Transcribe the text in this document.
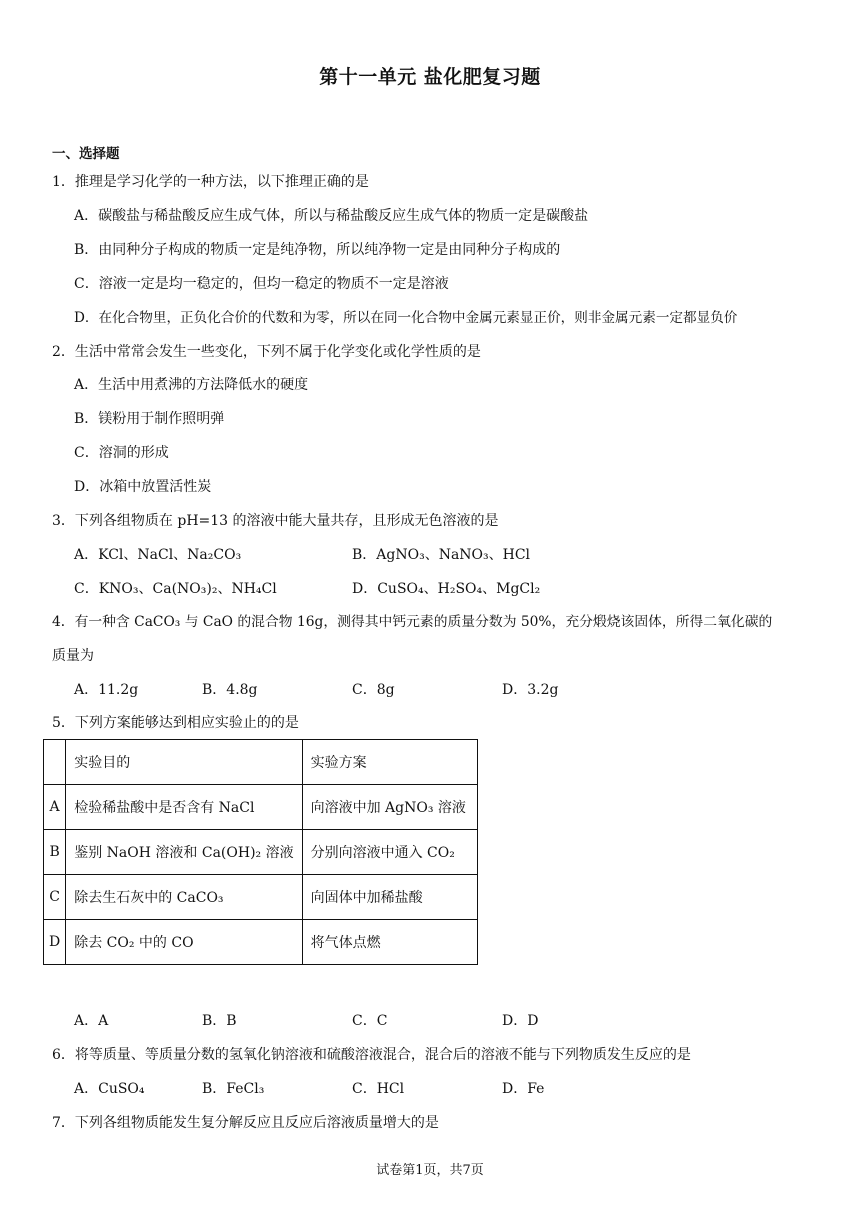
第十一单元 盐化肥复习题
一、选择题
1．推理是学习化学的一种方法，以下推理正确的是
A．碳酸盐与稀盐酸反应生成气体，所以与稀盐酸反应生成气体的物质一定是碳酸盐
B．由同种分子构成的物质一定是纯净物，所以纯净物一定是由同种分子构成的
C．溶液一定是均一稳定的，但均一稳定的物质不一定是溶液
D．在化合物里，正负化合价的代数和为零，所以在同一化合物中金属元素显正价，则非金属元素一定都显负价
2．生活中常常会发生一些变化，下列不属于化学变化或化学性质的是
A．生活中用煮沸的方法降低水的硬度
B．镁粉用于制作照明弹
C．溶洞的形成
D．冰箱中放置活性炭
3．下列各组物质在 pH=13 的溶液中能大量共存，且形成无色溶液的是
A．KCl、NaCl、Na₂CO₃	B．AgNO₃、NaNO₃、HCl
C．KNO₃、Ca(NO₃)₂、NH₄Cl	D．CuSO₄、H₂SO₄、MgCl₂
4．有一种含 CaCO₃ 与 CaO 的混合物 16g，测得其中钙元素的质量分数为 50%，充分煅烧该固体，所得二氧化碳的
质量为
A．11.2g	B．4.8g	C．8g	D．3.2g
5．下列方案能够达到相应实验止的的是
	实验目的	实验方案
A	检验稀盐酸中是否含有 NaCl	向溶液中加 AgNO₃ 溶液
B	鉴别 NaOH 溶液和 Ca(OH)₂ 溶液	分别向溶液中通入 CO₂
C	除去生石灰中的 CaCO₃	向固体中加稀盐酸
D	除去 CO₂ 中的 CO	将气体点燃
A．A	B．B	C．C	D．D
6．将等质量、等质量分数的氢氧化钠溶液和硫酸溶液混合，混合后的溶液不能与下列物质发生反应的是
A．CuSO₄	B．FeCl₃	C．HCl	D．Fe
7．下列各组物质能发生复分解反应且反应后溶液质量增大的是
试卷第1页，共7页
